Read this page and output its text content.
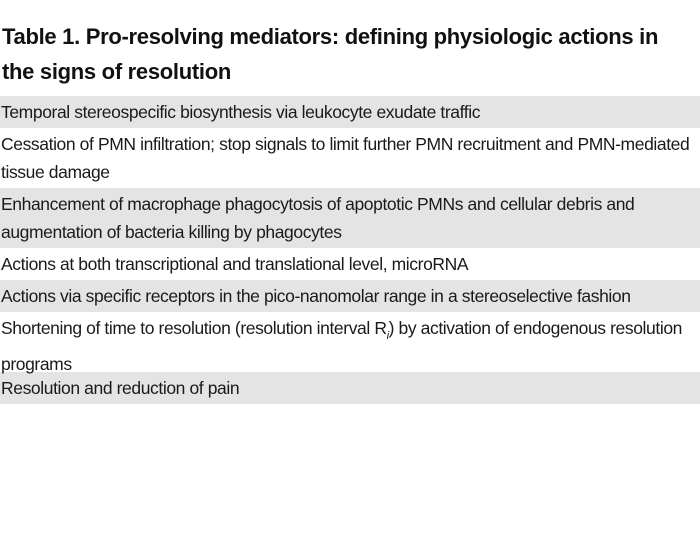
Table 1. Pro-resolving mediators: defining physiologic actions in the signs of resolution
Temporal stereospecific biosynthesis via leukocyte exudate traffic
Cessation of PMN infiltration; stop signals to limit further PMN recruitment and PMN-mediated tissue damage
Enhancement of macrophage phagocytosis of apoptotic PMNs and cellular debris and augmentation of bacteria killing by phagocytes
Actions at both transcriptional and translational level, microRNA
Actions via specific receptors in the pico-nanomolar range in a stereoselective fashion
Shortening of time to resolution (resolution interval $R_i$) by activation of endogenous resolution programs
Resolution and reduction of pain
